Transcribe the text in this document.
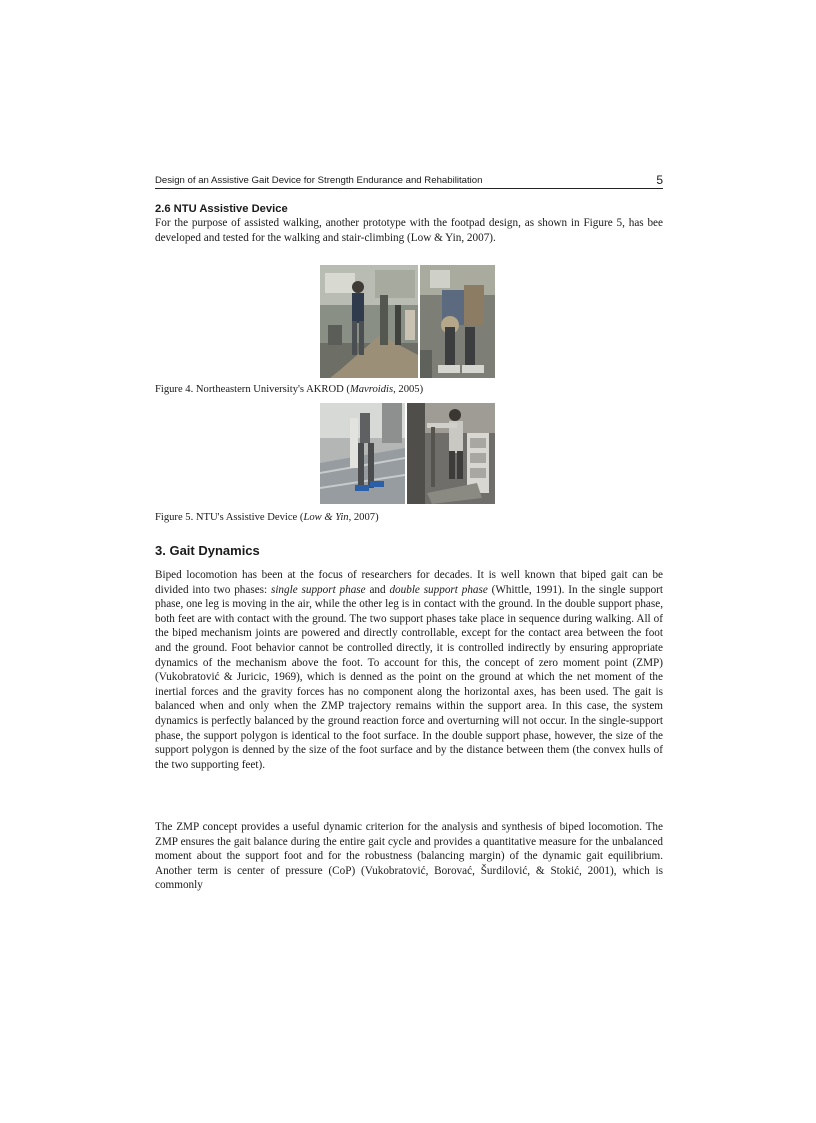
Design of an Assistive Gait Device for Strength Endurance and Rehabilitation	5
2.6 NTU Assistive Device
For the purpose of assisted walking, another prototype with the footpad design, as shown in Figure 5, has bee developed and tested for the walking and stair-climbing (Low & Yin, 2007).
Figure 4. Northeastern University's AKROD (Mavroidis, 2005)
Figure 5. NTU's Assistive Device (Low & Yin, 2007)
3. Gait Dynamics
Biped locomotion has been at the focus of researchers for decades. It is well known that biped gait can be divided into two phases: single support phase and double support phase (Whittle, 1991). In the single support phase, one leg is moving in the air, while the other leg is in contact with the ground. In the double support phase, both feet are with contact with the ground. The two support phases take place in sequence during walking. All of the biped mechanism joints are powered and directly controllable, except for the contact area between the foot and the ground. Foot behavior cannot be controlled directly, it is controlled indirectly by ensuring appropriate dynamics of the mechanism above the foot. To account for this, the concept of zero moment point (ZMP) (Vukobratović & Juricic, 1969), which is denned as the point on the ground at which the net moment of the inertial forces and the gravity forces has no component along the horizontal axes, has been used. The gait is balanced when and only when the ZMP trajectory remains within the support area. In this case, the system dynamics is perfectly balanced by the ground reaction force and overturning will not occur. In the single-support phase, the support polygon is identical to the foot surface. In the double support phase, however, the size of the support polygon is denned by the size of the foot surface and by the distance between them (the convex hulls of the two supporting feet).
The ZMP concept provides a useful dynamic criterion for the analysis and synthesis of biped locomotion. The ZMP ensures the gait balance during the entire gait cycle and provides a quantitative measure for the unbalanced moment about the support foot and for the robustness (balancing margin) of the dynamic gait equilibrium. Another term is center of pressure (CoP) (Vukobratović, Borovać, Šurdilović, & Stokić, 2001), which is commonly
